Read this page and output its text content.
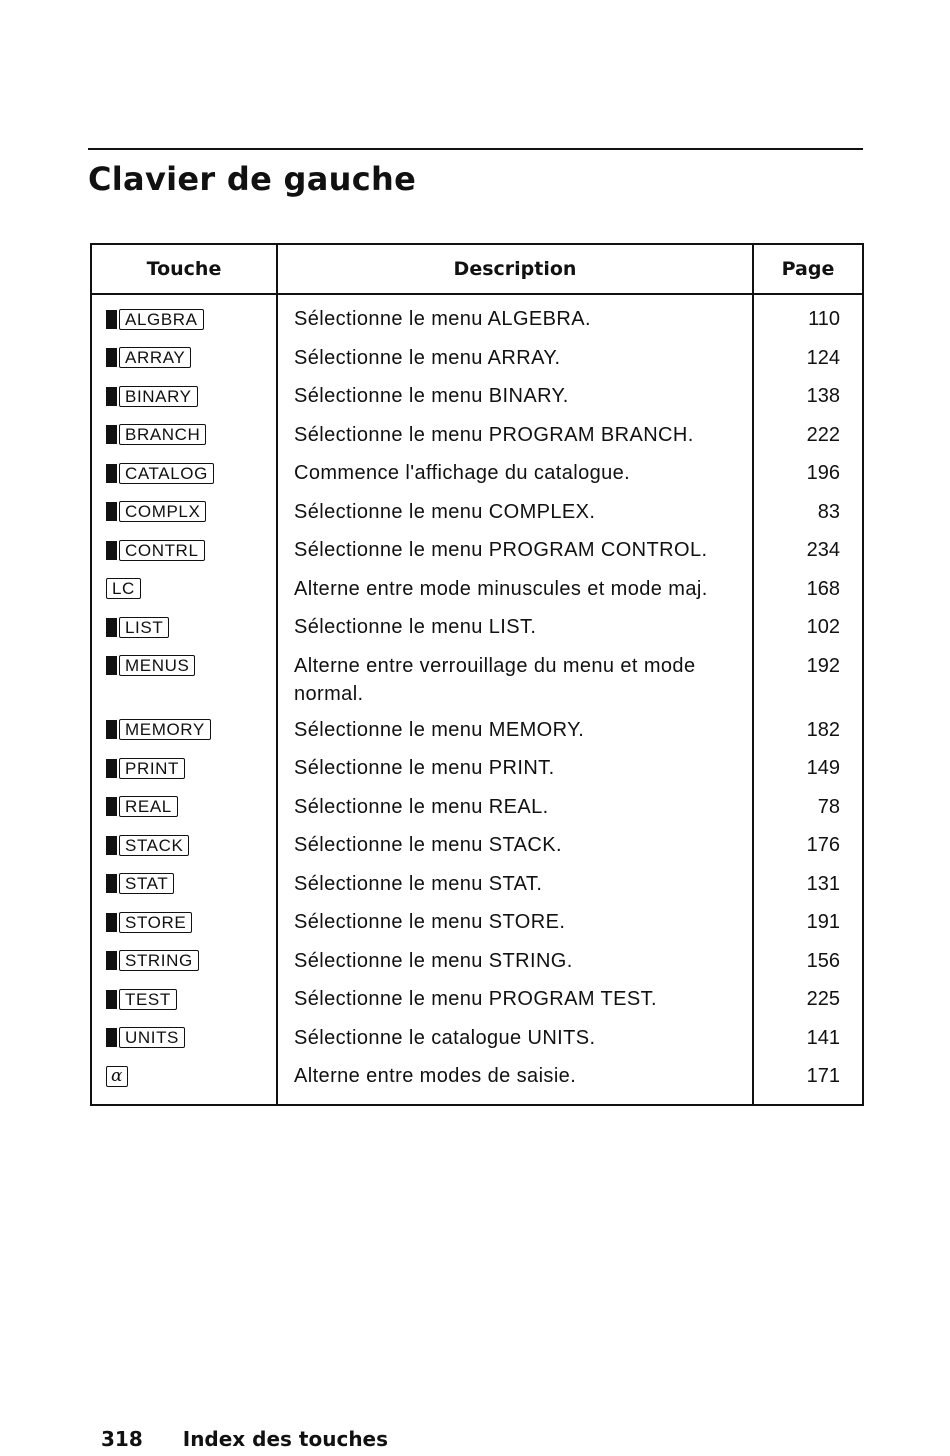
Clavier de gauche
Touche	Description	Page

ALGBRA	Sélectionne le menu ALGEBRA.	110

ARRAY	Sélectionne le menu ARRAY.	124

BINARY	Sélectionne le menu BINARY.	138

BRANCH	Sélectionne le menu PROGRAM BRANCH.	222

CATALOG	Commence l'affichage du catalogue.	196

COMPLX	Sélectionne le menu COMPLEX.	83

CONTRL	Sélectionne le menu PROGRAM CONTROL.	234

LC	Alterne entre mode minuscules et mode maj.	168

LIST	Sélectionne le menu LIST.	102

MENUS	Alterne entre verrouillage du menu et mode normal.	192

MEMORY	Sélectionne le menu MEMORY.	182

PRINT	Sélectionne le menu PRINT.	149

REAL	Sélectionne le menu REAL.	78

STACK	Sélectionne le menu STACK.	176

STAT	Sélectionne le menu STAT.	131

STORE	Sélectionne le menu STORE.	191

STRING	Sélectionne le menu STRING.	156

TEST	Sélectionne le menu PROGRAM TEST.	225

UNITS	Sélectionne le catalogue UNITS.	141

α	Alterne entre modes de saisie.	171
318 Index des touches
